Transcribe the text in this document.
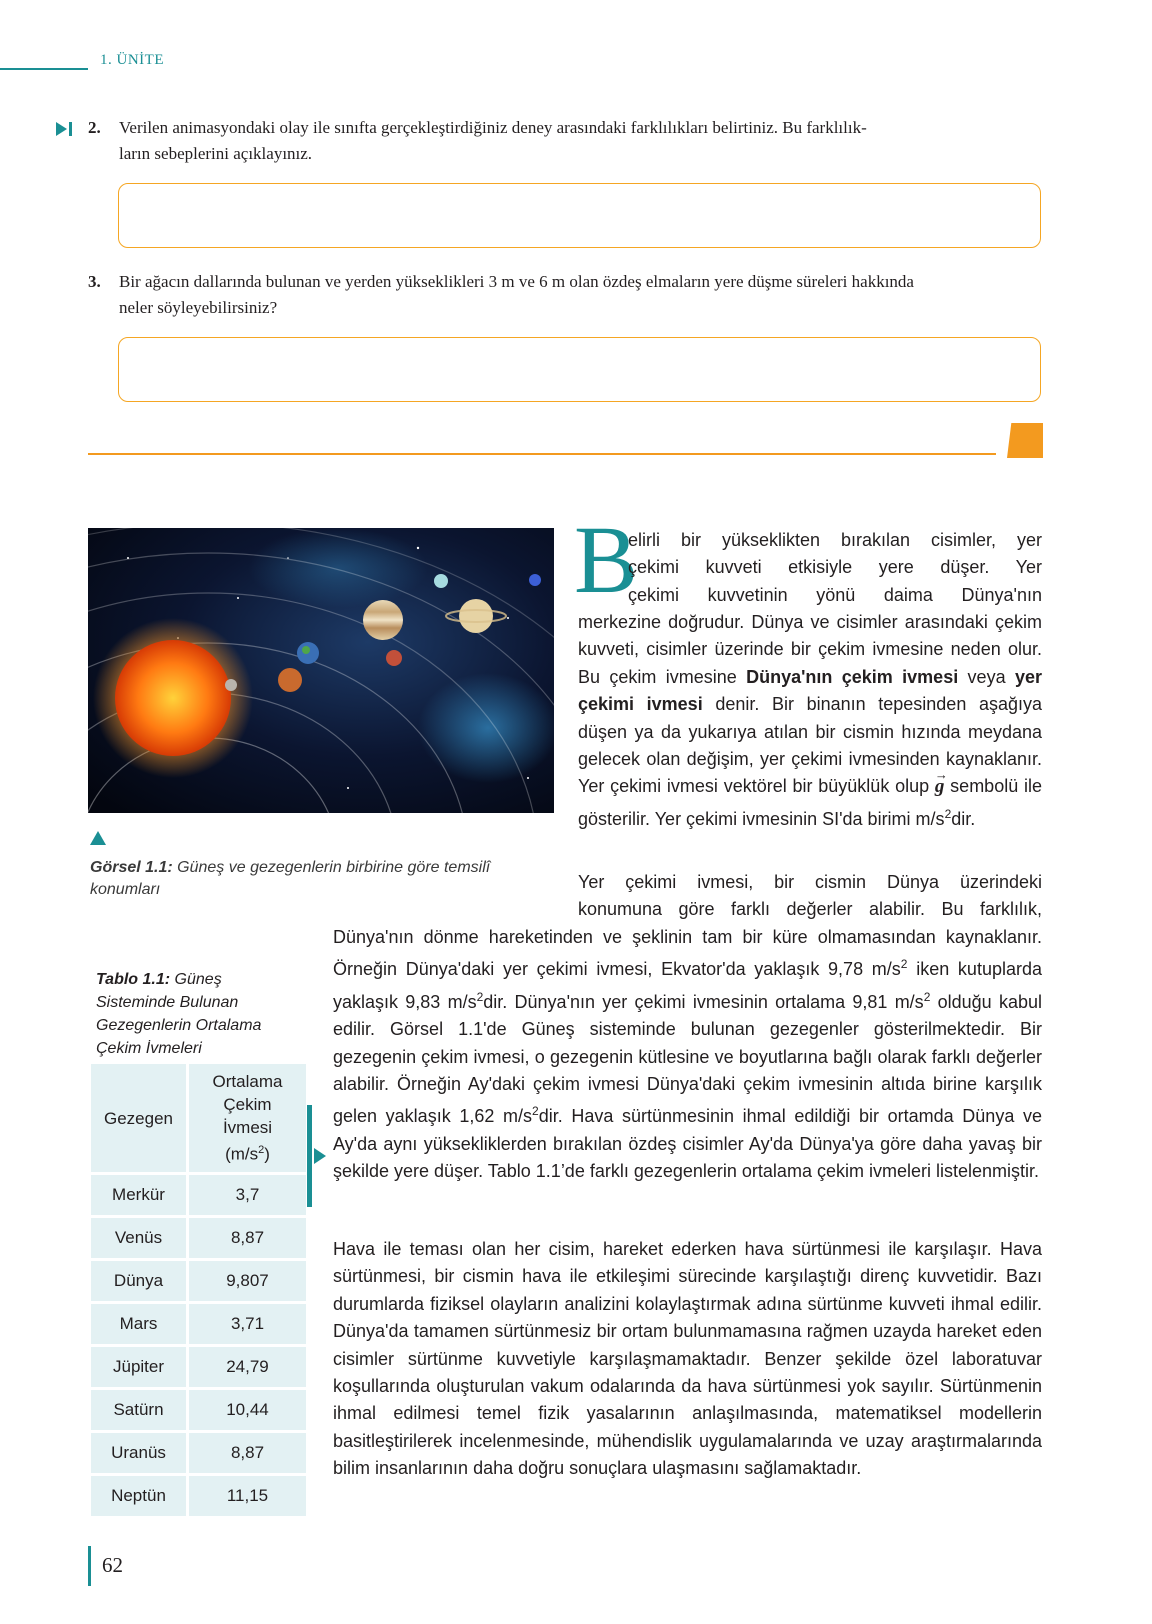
1. ÜNİTE
2. Verilen animasyondaki olay ile sınıfta gerçekleştirdiğiniz deney arasındaki farklılıkları belirtiniz. Bu farklılık-
ların sebeplerini açıklayınız.
3. Bir ağacın dallarında bulunan ve yerden yükseklikleri 3 m ve 6 m olan özdeş elmaların yere düşme süreleri hakkında
neler söyleyebilirsiniz?
Görsel 1.1: Güneş ve gezegenlerin birbirine göre temsilî konumları
B
elirli bir yükseklikten bırakılan cisimler, yer
çekimi kuvveti etkisiyle yere düşer. Yer
çekimi kuvvetinin yönü daima Dünya'nın

merkezine doğrudur. Dünya ve cisimler arasındaki çekim kuvveti, cisimler üzerinde bir çekim ivmesine neden olur. Bu çekim ivmesine Dünya'nın çekim ivmesi veya yer çekimi ivmesi denir. Bir binanın tepesinden aşağıya düşen ya da yukarıya atılan bir cismin hızında meydana gelecek olan değişim, yer çekimi ivmesinden kaynaklanır. Yer çekimi ivmesi vektörel bir büyüklük olup
→
g sembolü ile gösterilir. Yer çekimi ivmesinin SI'da birimi $m/s^2dir$.

Yer çekimi ivmesi, bir cismin Dünya üzerindeki
konumuna göre farklı değerler alabilir. Bu farklılık,

Dünya'nın dönme hareketinden ve şeklinin tam bir küre olmamasından kaynaklanır. Örneğin Dünya'daki yer çekimi ivmesi, Ekvator'da yaklaşık 9,78 $m/s^2$ iken kutuplarda yaklaşık 9,83 $m/s^2dir$. Dünya'nın yer çekimi ivmesinin ortalama 9,81 $m/s^2$ olduğu kabul edilir. Görsel 1.1'de Güneş sisteminde bulunan gezegenler gösterilmektedir. Bir gezegenin çekim ivmesi, o gezegenin kütlesine ve boyutlarına bağlı olarak farklı değerler alabilir. Örneğin Ay'daki çekim ivmesi Dünya'daki çekim ivmesinin altıda birine karşılık gelen yaklaşık 1,62 $m/s^2dir$. Hava sürtünmesinin ihmal edildiği bir ortamda Dünya ve Ay'da aynı yüksekliklerden bırakılan özdeş cisimler Ay'da Dünya'ya göre daha yavaş bir şekilde yere düşer. Tablo 1.1’de farklı gezegenlerin ortalama çekim ivmeleri listelenmiştir.

Hava ile teması olan her cisim, hareket ederken hava sürtünmesi ile karşılaşır. Hava sürtünmesi, bir cismin hava ile etkileşimi sürecinde karşılaştığı direnç kuvvetidir. Bazı durumlarda fiziksel olayların analizini kolaylaştırmak adına sürtünme kuvveti ihmal edilir. Dünya'da tamamen sürtünmesiz bir ortam bulunmamasına rağmen uzayda hareket eden cisimler sürtünme kuvvetiyle karşılaşmamaktadır. Benzer şekilde özel laboratuvar koşullarında oluşturulan vakum odalarında da hava sürtünmesi yok sayılır. Sürtünmenin ihmal edilmesi temel fizik yasalarının anlaşılmasında, matematiksel modellerin basitleştirilerek incelenmesinde, mühendislik uygulamalarında ve uzay araştırmalarında bilim insanlarının daha doğru sonuçlara ulaşmasını sağlamaktadır.
Tablo 1.1: Güneş Sisteminde Bulunan Gezegenlerin Ortalama Çekim İvmeleri
Gezegen	Ortalama
Çekim
İvmesi
$(m/s^2)$

Merkür	3,7
Venüs	8,87
Dünya	9,807
Mars	3,71
Jüpiter	24,79
Satürn	10,44
Uranüs	8,87
Neptün	11,15
62
